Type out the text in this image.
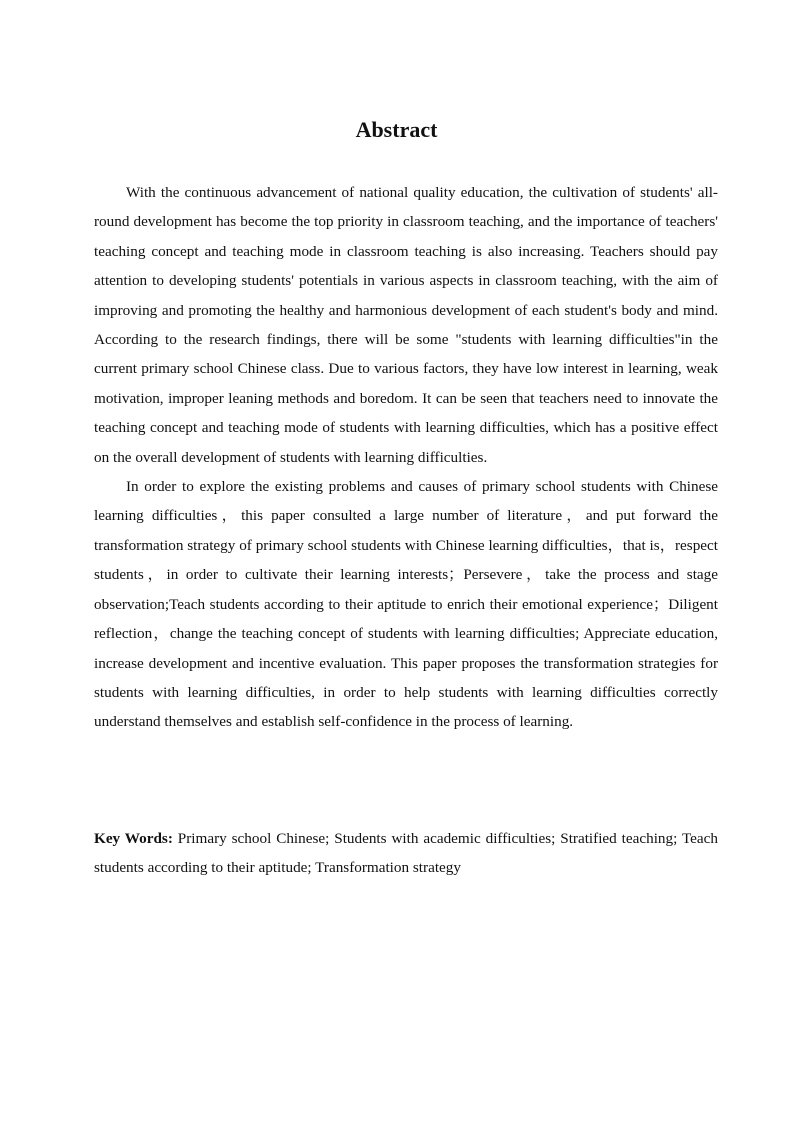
Abstract

With the continuous advancement of national quality education, the cultivation of students' all-round development has become the top priority in classroom teaching, and the importance of teachers' teaching concept and teaching mode in classroom teaching is also increasing. Teachers should pay attention to developing students' potentials in various aspects in classroom teaching, with the aim of improving and promoting the healthy and harmonious development of each student's body and mind. According to the research findings, there will be some "students with learning difficulties"in the current primary school Chinese class. Due to various factors, they have low interest in learning, weak motivation, improper leaning methods and boredom. It can be seen that teachers need to innovate the teaching concept and teaching mode of students with learning difficulties, which has a positive effect on the overall development of students with learning difficulties.

In order to explore the existing problems and causes of primary school students with Chinese learning difficulties，this paper consulted a large number of literature，and put forward the transformation strategy of primary school students with Chinese learning difficulties，that is，respect students，in order to cultivate their learning interests；Persevere，take the process and stage observation;Teach students according to their aptitude to enrich their emotional experience；Diligent reflection，change the teaching concept of students with learning difficulties; Appreciate education, increase development and incentive evaluation. This paper proposes the transformation strategies for students with learning difficulties, in order to help students with learning difficulties correctly understand themselves and establish self-confidence in the process of learning.

Key Words: Primary school Chinese; Students with academic difficulties; Stratified teaching; Teach students according to their aptitude; Transformation strategy
